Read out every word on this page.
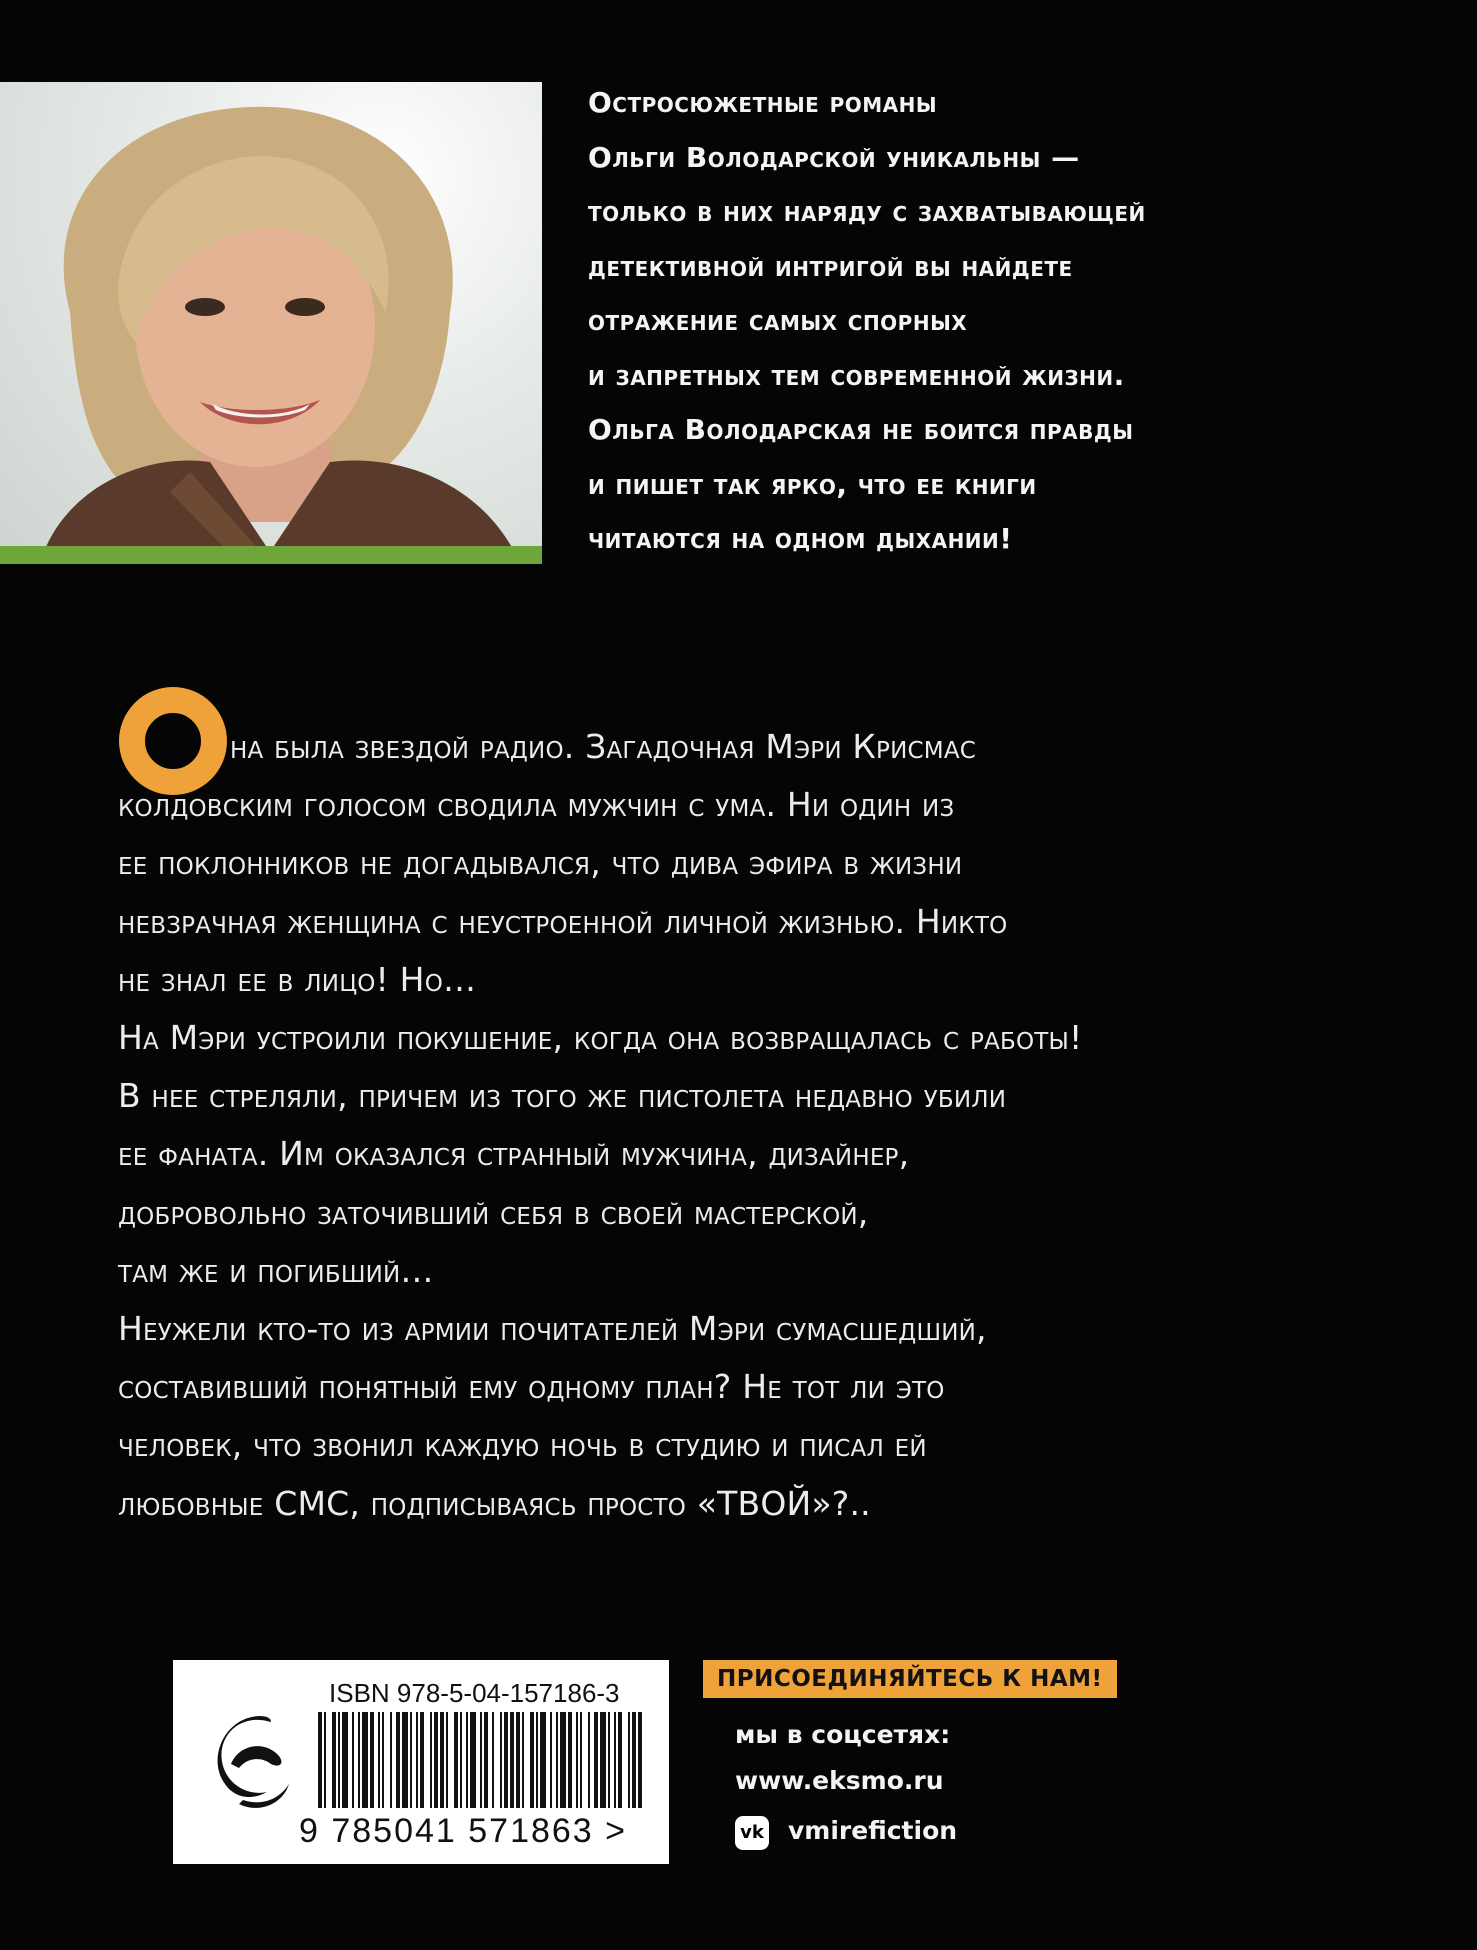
Остросюжетные романы
Ольги Володарской уникальны —
только в них наряду с захватывающей
детективной интригой вы найдете
отражение самых спорных
и запретных тем современной жизни.
Ольга Володарская не боится правды
и пишет так ярко, что ее книги
читаются на одном дыхании!
на была звездой радио. Загадочная Мэри Крисмас
колдовским голосом сводила мужчин с ума. Ни один из
ее поклонников не догадывался, что дива эфира в жизни
невзрачная женщина с неустроенной личной жизнью. Никто
не знал ее в лицо! Но…
На Мэри устроили покушение, когда она возвращалась с работы!
В нее стреляли, причем из того же пистолета недавно убили
ее фаната. Им оказался странный мужчина, дизайнер,
добровольно заточивший себя в своей мастерской,
там же и погибший…
Неужели кто-то из армии почитателей Мэри сумасшедший,
составивший понятный ему одному план? Не тот ли это
человек, что звонил каждую ночь в студию и писал ей
любовные СМС, подписываясь просто «ТВОЙ»?..
ISBN 978-5-04-157186-3
9 785041 571863 >
ПРИСОЕДИНЯЙТЕСЬ К НАМ!
мы в соцсетях:
www.eksmo.ru
vk vmirefiction
